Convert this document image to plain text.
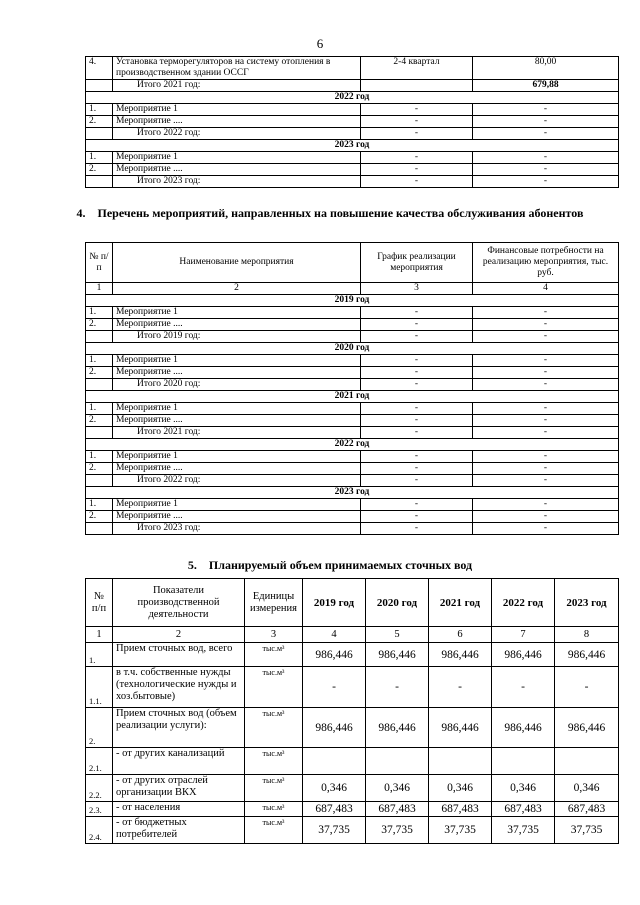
6
4.	Установка терморегуляторов на систему отопления в производственном здании ОССГ	2-4 квартал	80,00
	Итого 2021 год:		679,88
2022 год			
1.	Мероприятие 1	-	-
2.	Мероприятие ....	-	-
	Итого 2022 год:	-	-
2023 год			
1.	Мероприятие 1	-	-
2.	Мероприятие ....	-	-
	Итого 2023 год:	-	-
4. Перечень мероприятий, направленных на повышение качества обслуживания абонентов
№ п/п	Наименование мероприятия	График реализации мероприятия	Финансовые потребности на реализацию мероприятия, тыс. руб.
1	2	3	4
2019 год			
1.	Мероприятие 1	-	-
2.	Мероприятие ....	-	-
	Итого 2019 год:	-	-
2020 год			
1.	Мероприятие 1	-	-
2.	Мероприятие ....	-	-
	Итого 2020 год:	-	-
2021 год			
1.	Мероприятие 1	-	-
2.	Мероприятие ....	-	-
	Итого 2021 год:	-	-
2022 год			
1.	Мероприятие 1	-	-
2.	Мероприятие ....	-	-
	Итого 2022 год:	-	-
2023 год			
1.	Мероприятие 1	-	-
2.	Мероприятие ....	-	-
	Итого 2023 год:	-	-
5. Планируемый объем принимаемых сточных вод
№ п/п	Показатели производственной деятельности	Единицы измерения	2019 год	2020 год	2021 год	2022 год	2023 год
1	2	3	4	5	6	7	8
1.	Прием сточных вод, всего	тыс.м³	986,446	986,446	986,446	986,446	986,446
1.1.	в т.ч. собственные нужды (технологические нужды и хоз.бытовые)	тыс.м³	-	-	-	-	-
2.	Прием сточных вод (объем реализации услуги):	тыс.м³	986,446	986,446	986,446	986,446	986,446
2.1.	- от других канализаций	тыс.м³					
2.2.	- от других отраслей организации ВКХ	тыс.м³	0,346	0,346	0,346	0,346	0,346
2.3.	- от населения	тыс.м³	687,483	687,483	687,483	687,483	687,483
2.4.	- от бюджетных потребителей	тыс.м³	37,735	37,735	37,735	37,735	37,735
